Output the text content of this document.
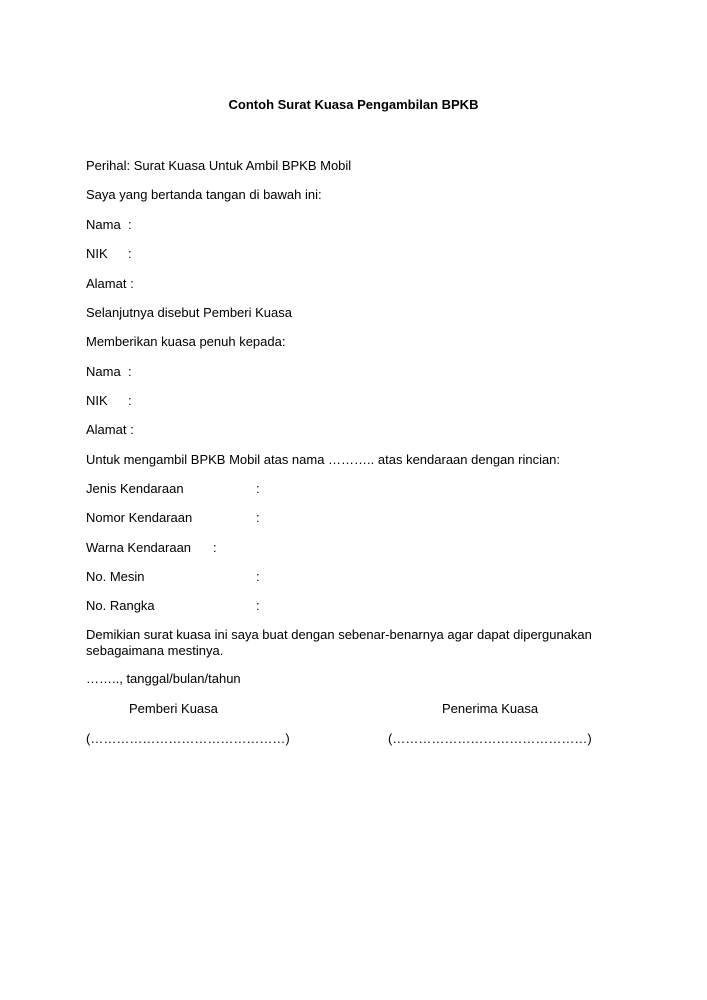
Contoh Surat Kuasa Pengambilan BPKB
Perihal: Surat Kuasa Untuk Ambil BPKB Mobil
Saya yang bertanda tangan di bawah ini:
Nama :
NIK :
Alamat :
Selanjutnya disebut Pemberi Kuasa
Memberikan kuasa penuh kepada:
Nama :
NIK :
Alamat :
Untuk mengambil BPKB Mobil atas nama ……….. atas kendaraan dengan rincian:
Jenis Kendaraan	:
Nomor Kendaraan	:
Warna Kendaraan :
No. Mesin	:
No. Rangka	:
Demikian surat kuasa ini saya buat dengan sebenar-benarnya agar dapat dipergunakan sebagaimana mestinya.
…….., tanggal/bulan/tahun
Pemberi Kuasa	Penerima Kuasa
(………………………………………)	(………………………………………)
